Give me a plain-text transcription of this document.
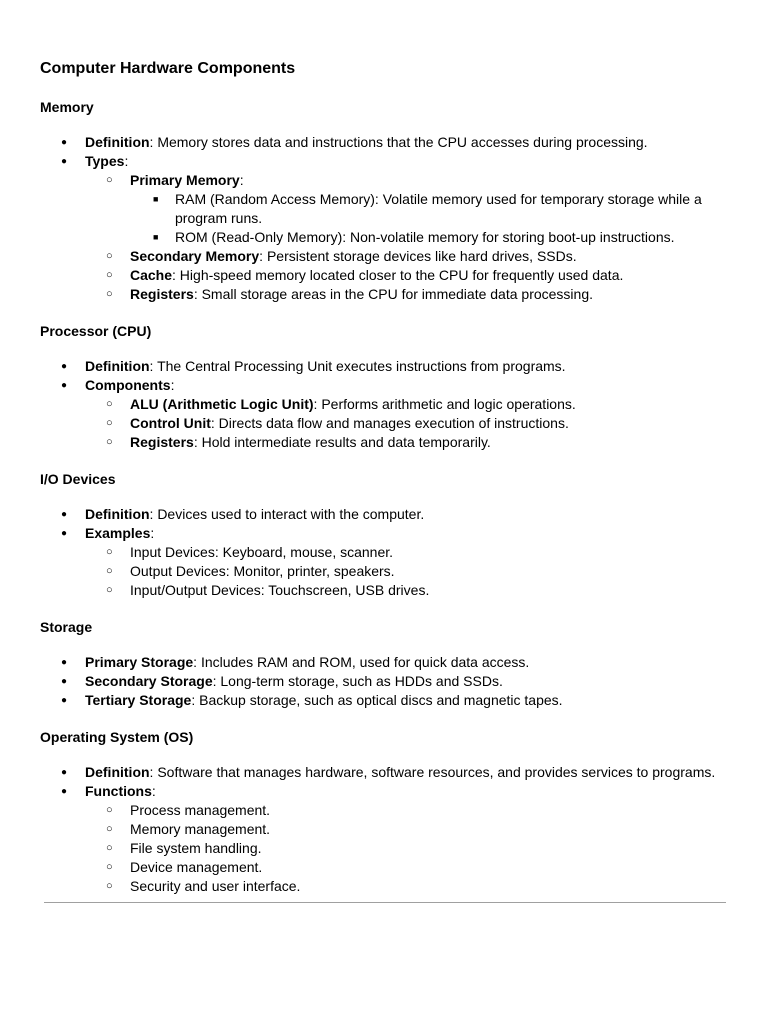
Computer Hardware Components
Memory
● Definition: Memory stores data and instructions that the CPU accesses during processing.
● Types:
○ Primary Memory:
■ RAM (Random Access Memory): Volatile memory used for temporary storage while a program runs.
■ ROM (Read-Only Memory): Non-volatile memory for storing boot-up instructions.
○ Secondary Memory: Persistent storage devices like hard drives, SSDs.
○ Cache: High-speed memory located closer to the CPU for frequently used data.
○ Registers: Small storage areas in the CPU for immediate data processing.
Processor (CPU)
● Definition: The Central Processing Unit executes instructions from programs.
● Components:
○ ALU (Arithmetic Logic Unit): Performs arithmetic and logic operations.
○ Control Unit: Directs data flow and manages execution of instructions.
○ Registers: Hold intermediate results and data temporarily.
I/O Devices
● Definition: Devices used to interact with the computer.
● Examples:
○ Input Devices: Keyboard, mouse, scanner.
○ Output Devices: Monitor, printer, speakers.
○ Input/Output Devices: Touchscreen, USB drives.
Storage
● Primary Storage: Includes RAM and ROM, used for quick data access.
● Secondary Storage: Long-term storage, such as HDDs and SSDs.
● Tertiary Storage: Backup storage, such as optical discs and magnetic tapes.
Operating System (OS)
● Definition: Software that manages hardware, software resources, and provides services to programs.
● Functions:
○ Process management.
○ Memory management.
○ File system handling.
○ Device management.
○ Security and user interface.
